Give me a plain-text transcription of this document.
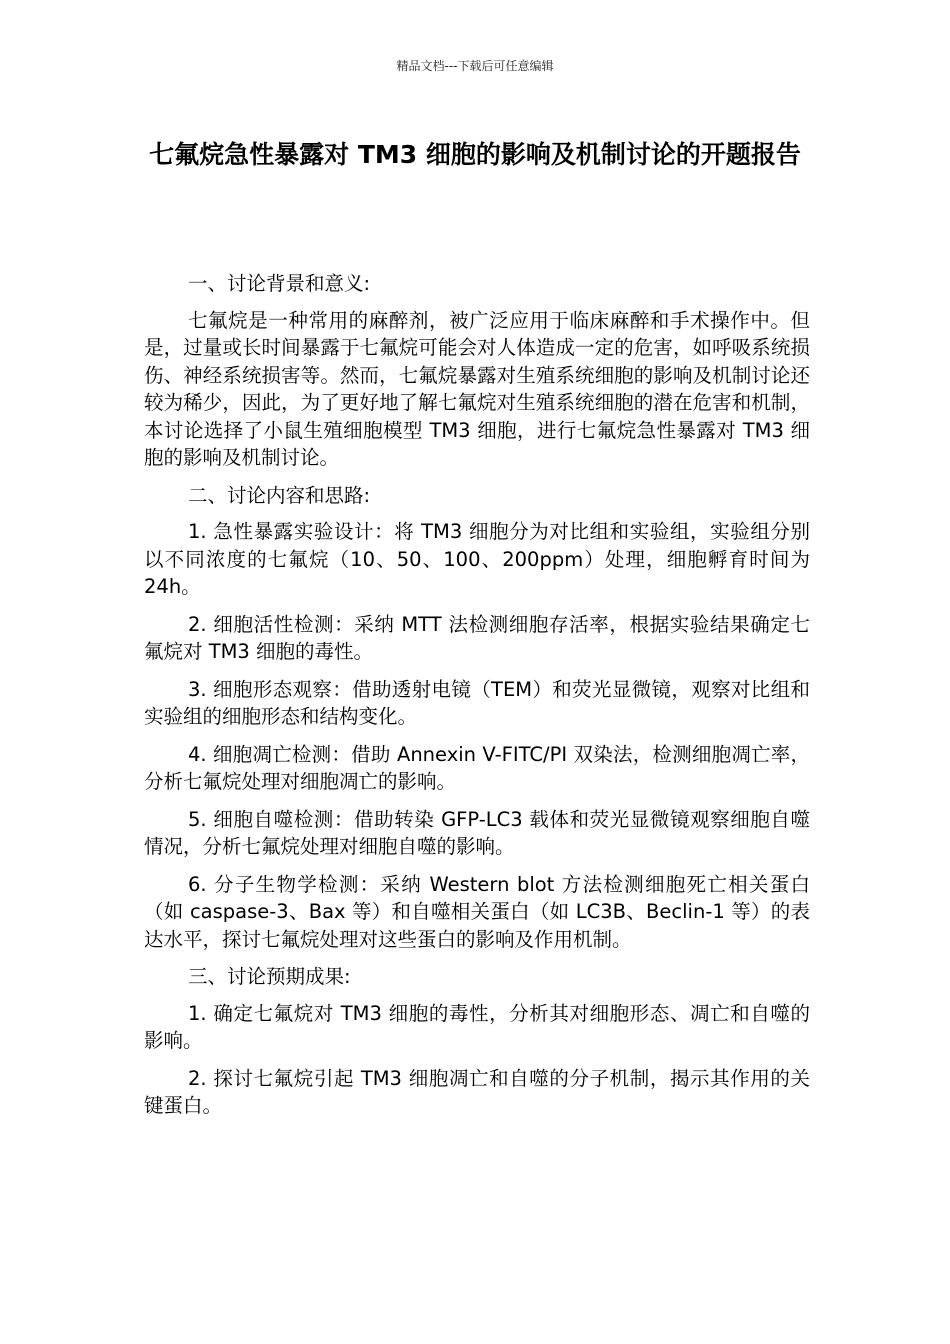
精品文档---下载后可任意编辑
七氟烷急性暴露对 TM3 细胞的影响及机制讨论的开题报告

一、讨论背景和意义:

七氟烷是一种常用的麻醉剂，被广泛应用于临床麻醉和手术操作中。但是，过量或长时间暴露于七氟烷可能会对人体造成一定的危害，如呼吸系统损伤、神经系统损害等。然而，七氟烷暴露对生殖系统细胞的影响及机制讨论还较为稀少，因此，为了更好地了解七氟烷对生殖系统细胞的潜在危害和机制，本讨论选择了小鼠生殖细胞模型 TM3 细胞，进行七氟烷急性暴露对 TM3 细胞的影响及机制讨论。

二、讨论内容和思路:

1. 急性暴露实验设计：将 TM3 细胞分为对比组和实验组，实验组分别以不同浓度的七氟烷（10、50、100、200ppm）处理，细胞孵育时间为 24h。

2. 细胞活性检测：采纳 MTT 法检测细胞存活率，根据实验结果确定七氟烷对 TM3 细胞的毒性。

3. 细胞形态观察：借助透射电镜（TEM）和荧光显微镜，观察对比组和实验组的细胞形态和结构变化。

4. 细胞凋亡检测：借助 Annexin V-FITC/PI 双染法，检测细胞凋亡率，分析七氟烷处理对细胞凋亡的影响。

5. 细胞自噬检测：借助转染 GFP-LC3 载体和荧光显微镜观察细胞自噬情况，分析七氟烷处理对细胞自噬的影响。

6. 分子生物学检测：采纳 Western blot 方法检测细胞死亡相关蛋白（如 caspase-3、Bax 等）和自噬相关蛋白（如 LC3B、Beclin-1 等）的表达水平，探讨七氟烷处理对这些蛋白的影响及作用机制。

三、讨论预期成果:

1. 确定七氟烷对 TM3 细胞的毒性，分析其对细胞形态、凋亡和自噬的影响。

2. 探讨七氟烷引起 TM3 细胞凋亡和自噬的分子机制，揭示其作用的关键蛋白。
